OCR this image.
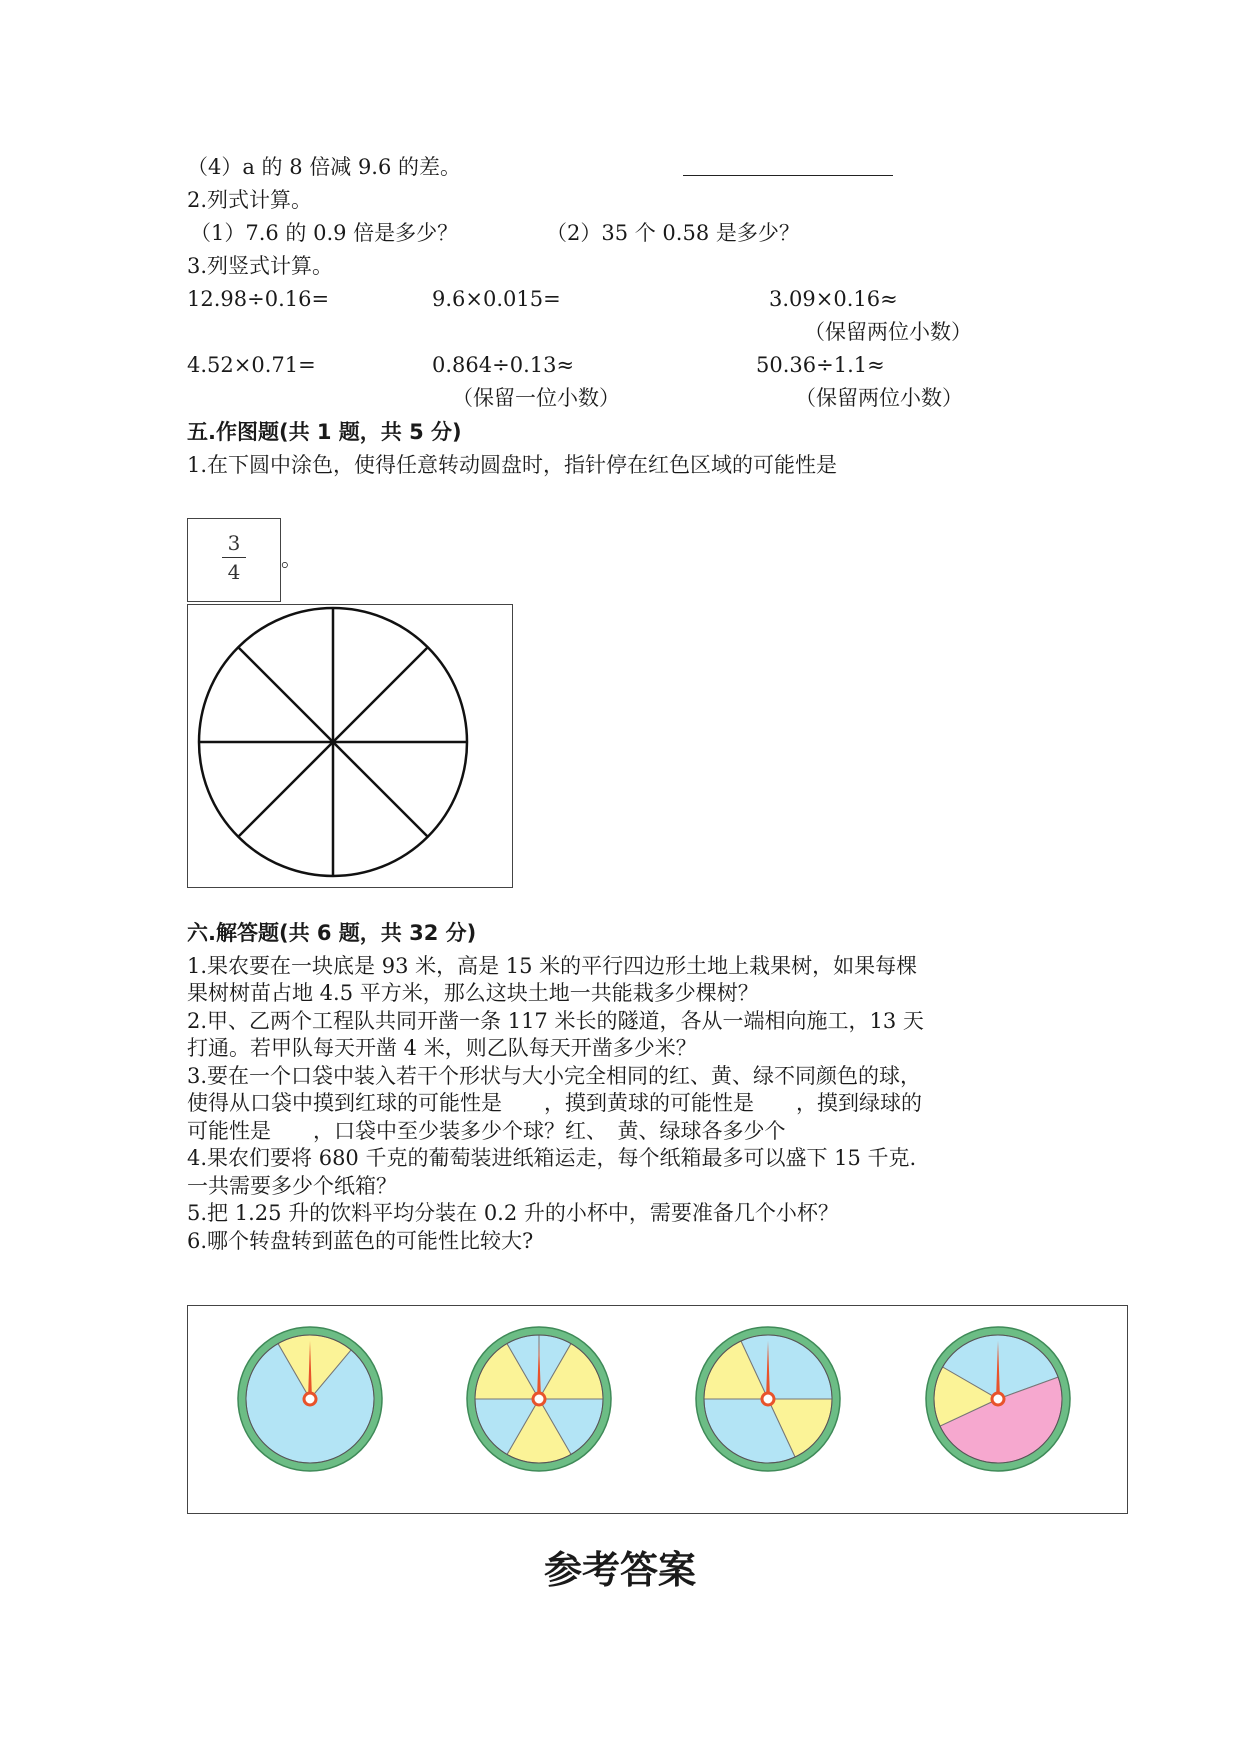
（4）a 的 8 倍减 9.6 的差。
2.列式计算。
（1）7.6 的 0.9 倍是多少？	（2）35 个 0.58 是多少？
3.列竖式计算。
12.98÷0.16=	9.6×0.015=	3.09×0.16≈
（保留两位小数）
4.52×0.71=	0.864÷0.13≈	50.36÷1.1≈
（保留一位小数）	（保留两位小数）
五.作图题(共 1 题，共 5 分)
1.在下圆中涂色，使得任意转动圆盘时，指针停在红色区域的可能性是
3
4
。
六.解答题(共 6 题，共 32 分)
1.果农要在一块底是 93 米，高是 15 米的平行四边形土地上栽果树，如果每棵
果树树苗占地 4.5 平方米，那么这块土地一共能栽多少棵树？
2.甲、乙两个工程队共同开凿一条 117 米长的隧道，各从一端相向施工，13 天
打通。若甲队每天开凿 4 米，则乙队每天开凿多少米？
3.要在一个口袋中装入若干个形状与大小完全相同的红、黄、绿不同颜色的球，
使得从口袋中摸到红球的可能性是　　，摸到黄球的可能性是　　，摸到绿球的
可能性是　　，口袋中至少装多少个球？红、　黄、绿球各多少个
4.果农们要将 680 千克的葡萄装进纸箱运走，每个纸箱最多可以盛下 15 千克.
一共需要多少个纸箱？
5.把 1.25 升的饮料平均分装在 0.2 升的小杯中，需要准备几个小杯？
6.哪个转盘转到蓝色的可能性比较大?
参考答案
